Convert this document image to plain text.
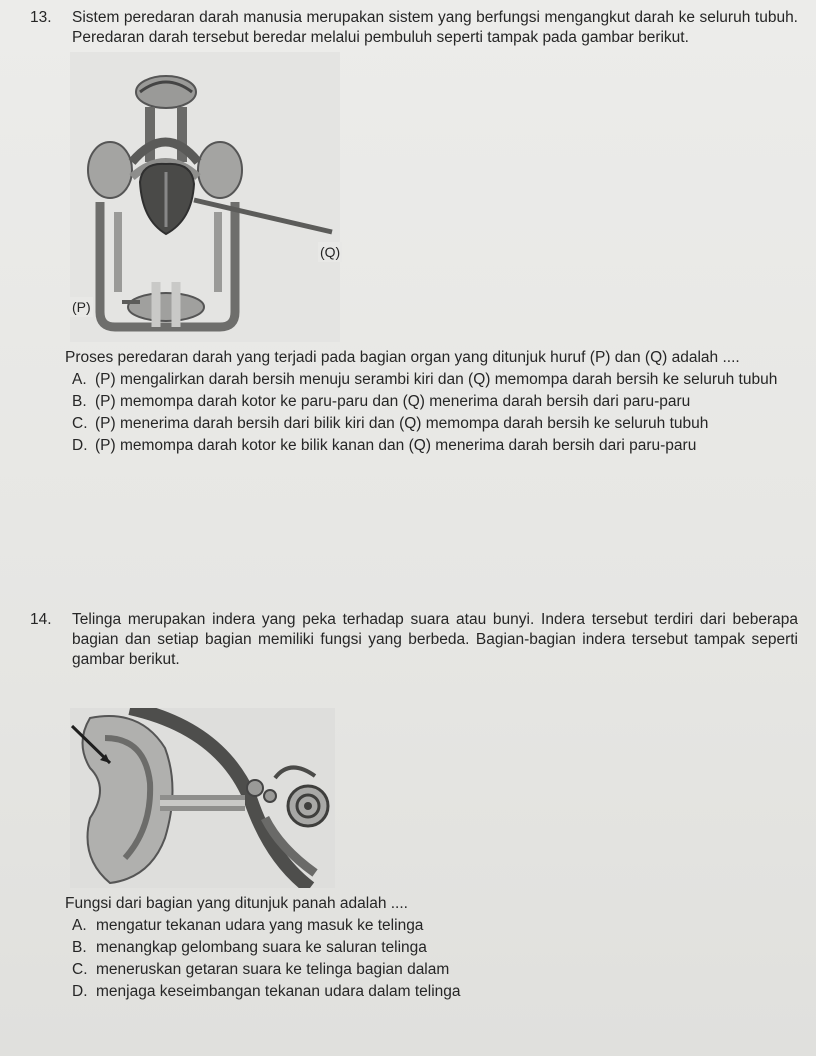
13. Sistem peredaran darah manusia merupakan sistem yang berfungsi mengangkut darah ke seluruh tubuh. Peredaran darah tersebut beredar melalui pembuluh seperti tampak pada gambar berikut.
(Q)
(P)
Proses peredaran darah yang terjadi pada bagian organ yang ditunjuk huruf (P) dan (Q) adalah ....
A. (P) mengalirkan darah bersih menuju serambi kiri dan (Q) memompa darah bersih ke seluruh tubuh
B. (P) memompa darah kotor ke paru-paru dan (Q) menerima darah bersih dari paru-paru
C. (P) menerima darah bersih dari bilik kiri dan (Q) memompa darah bersih ke seluruh tubuh
D. (P) memompa darah kotor ke bilik kanan dan (Q) menerima darah bersih dari paru-paru
14. Telinga merupakan indera yang peka terhadap suara atau bunyi. Indera tersebut terdiri dari beberapa bagian dan setiap bagian memiliki fungsi yang berbeda. Bagian-bagian indera tersebut tampak seperti gambar berikut.
Fungsi dari bagian yang ditunjuk panah adalah ....
A. mengatur tekanan udara yang masuk ke telinga
B. menangkap gelombang suara ke saluran telinga
C. meneruskan getaran suara ke telinga bagian dalam
D. menjaga keseimbangan tekanan udara dalam telinga
